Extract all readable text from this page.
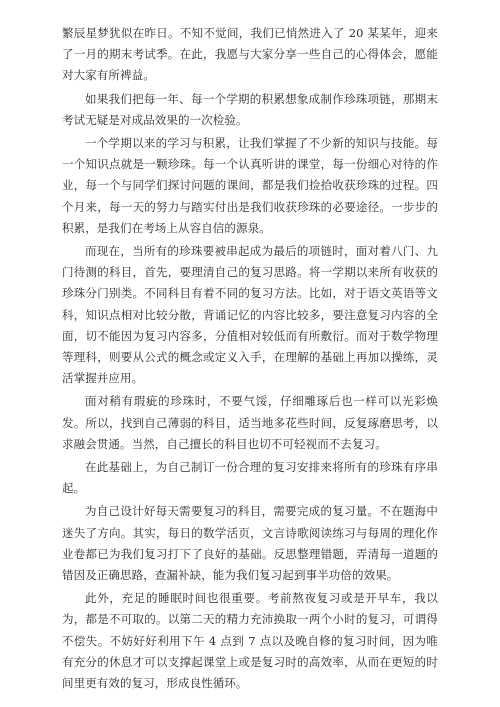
繁辰星梦犹似在昨日。不知不觉间，我们已悄然进入了 20 某某年，迎来了一月的期末考试季。在此，我愿与大家分享一些自己的心得体会，愿能对大家有所裨益。

如果我们把每一年、每一个学期的积累想象成制作珍珠项链，那期末考试无疑是对成品效果的一次检验。

一个学期以来的学习与积累，让我们掌握了不少新的知识与技能。每一个知识点就是一颗珍珠。每一个认真听讲的课堂，每一份细心对待的作业，每一个与同学们探讨问题的课间，都是我们捡拾收获珍珠的过程。四个月来，每一天的努力与踏实付出是我们收获珍珠的必要途径。一步步的积累，是我们在考场上从容自信的源泉。

而现在，当所有的珍珠要被串起成为最后的项链时，面对着八门、九门待测的科目，首先，要理清自己的复习思路。将一学期以来所有收获的珍珠分门别类。不同科目有着不同的复习方法。比如，对于语文英语等文科，知识点相对比较分散，背诵记忆的内容比较多，要注意复习内容的全面，切不能因为复习内容多，分值相对较低而有所敷衍。而对于数学物理等理科，则要从公式的概念或定义入手，在理解的基础上再加以操练，灵活掌握并应用。

面对稍有瑕疵的珍珠时，不要气馁，仔细雕琢后也一样可以光彩焕发。所以，找到自己薄弱的科目，适当地多花些时间，反复琢磨思考，以求融会贯通。当然，自己擅长的科目也切不可轻视而不去复习。

在此基础上，为自己制订一份合理的复习安排来将所有的珍珠有序串起。

为自己设计好每天需要复习的科目，需要完成的复习量。不在题海中迷失了方向。其实，每日的数学活页，文言诗歌阅读练习与每周的理化作业卷都已为我们复习打下了良好的基础。反思整理错题，弄清每一道题的错因及正确思路，查漏补缺，能为我们复习起到事半功倍的效果。

此外，充足的睡眠时间也很重要。考前熬夜复习或是开早车，我以为，都是不可取的。以第二天的精力充沛换取一两个小时的复习，可谓得不偿失。不妨好好利用下午 4 点到 7 点以及晚自修的复习时间，因为唯有充分的休息才可以支撑起课堂上或是复习时的高效率，从而在更短的时间里更有效的复习，形成良性循环。
